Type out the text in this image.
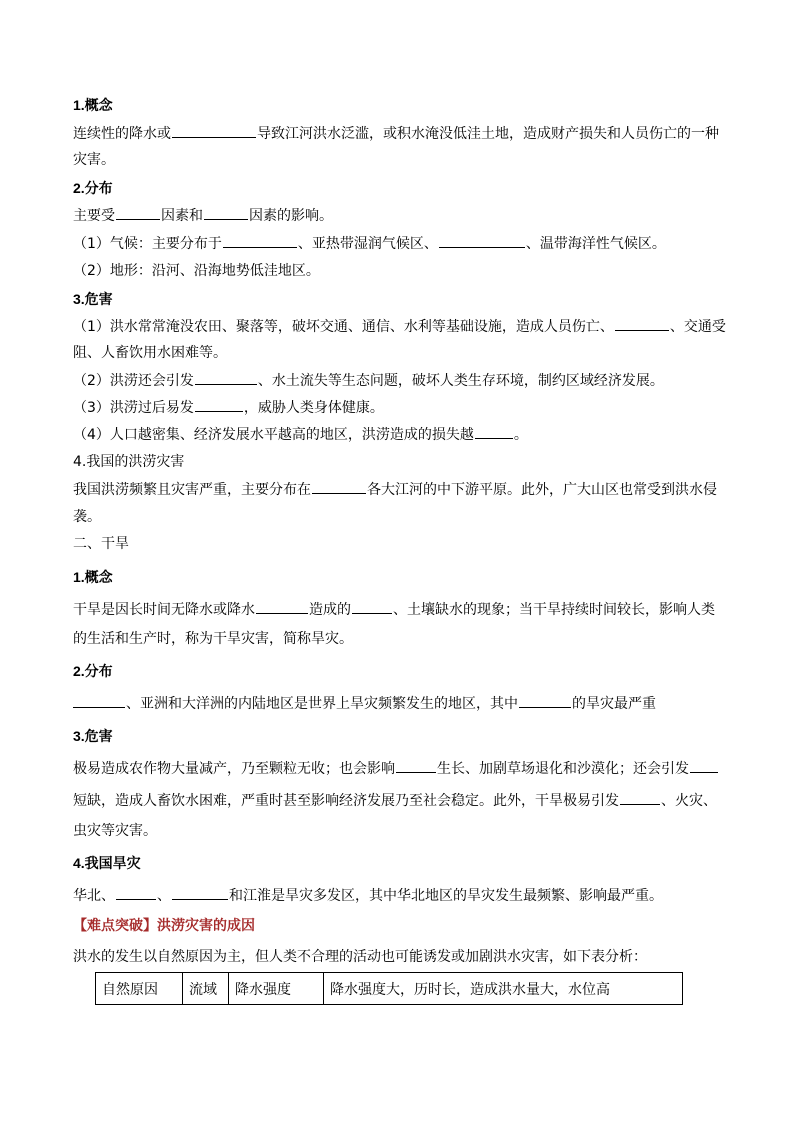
1.概念
连续性的降水或	导致江河洪水泛滥，或积水淹没低洼土地，造成财产损失和人员伤亡的一种
灾害。
2.分布
主要受	因素和	因素的影响。
（1）气候：主要分布于	、亚热带湿润气候区、	、温带海洋性气候区。
（2）地形：沿河、沿海地势低洼地区。
3.危害
（1）洪水常常淹没农田、聚落等，破坏交通、通信、水利等基础设施，造成人员伤亡、	、交通受
阻、人畜饮用水困难等。
（2）洪涝还会引发	、水土流失等生态问题，破坏人类生存环境，制约区域经济发展。
（3）洪涝过后易发	，威胁人类身体健康。
（4）人口越密集、经济发展水平越高的地区，洪涝造成的损失越	。
4.我国的洪涝灾害
我国洪涝频繁且灾害严重，主要分布在	各大江河的中下游平原。此外，广大山区也常受到洪水侵
袭。
二、干旱
1.概念
干旱是因长时间无降水或降水	造成的	、土壤缺水的现象；当干旱持续时间较长，影响人类
的生活和生产时，称为干旱灾害，简称旱灾。
2.分布
、亚洲和大洋洲的内陆地区是世界上旱灾频繁发生的地区，其中	的旱灾最严重
3.危害
极易造成农作物大量减产，乃至颗粒无收；也会影响	生长、加剧草场退化和沙漠化；还会引发
短缺，造成人畜饮水困难，严重时甚至影响经济发展乃至社会稳定。此外，干旱极易引发	、火灾、
虫灾等灾害。
4.我国旱灾
华北、	、	和江淮是旱灾多发区，其中华北地区的旱灾发生最频繁、影响最严重。
【难点突破】洪涝灾害的成因
洪水的发生以自然原因为主，但人类不合理的活动也可能诱发或加剧洪水灾害，如下表分析：
自然原因	流域	降水强度	降水强度大，历时长，造成洪水量大，水位高
